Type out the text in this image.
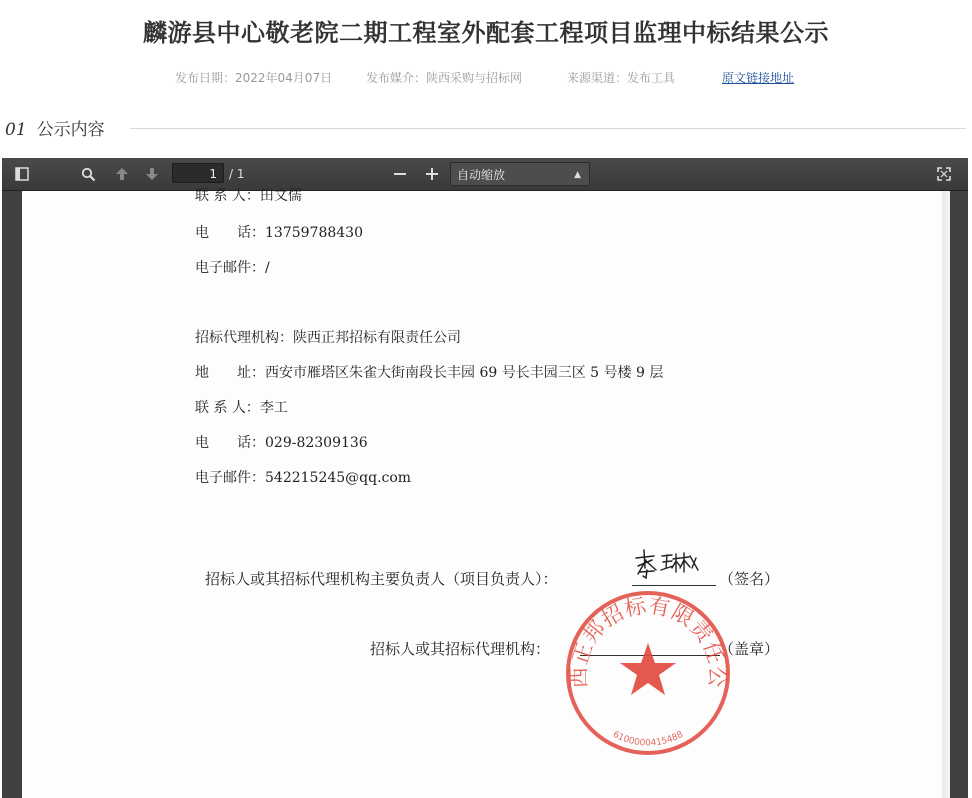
麟游县中心敬老院二期工程室外配套工程项目监理中标结果公示
发布日期：2022年04月07日	发布媒介：陕西采购与招标网	来源渠道：发布工具	原文链接地址
01 公示内容
1	/ 1	自动缩放	▲

联 系 人：田文儒
电　　话：13759788430
电子邮件：/
招标代理机构：陕西正邦招标有限责任公司
地　　址：西安市雁塔区朱雀大街南段长丰园 69 号长丰园三区 5 号楼 9 层
联 系 人：李工
电　　话：029-82309136
电子邮件：542215245@qq.com
招标人或其招标代理机构主要负责人（项目负责人）：	（签名）
招标人或其招标代理机构：	（盖章）
西正邦招标有限责任公
6100000415488
